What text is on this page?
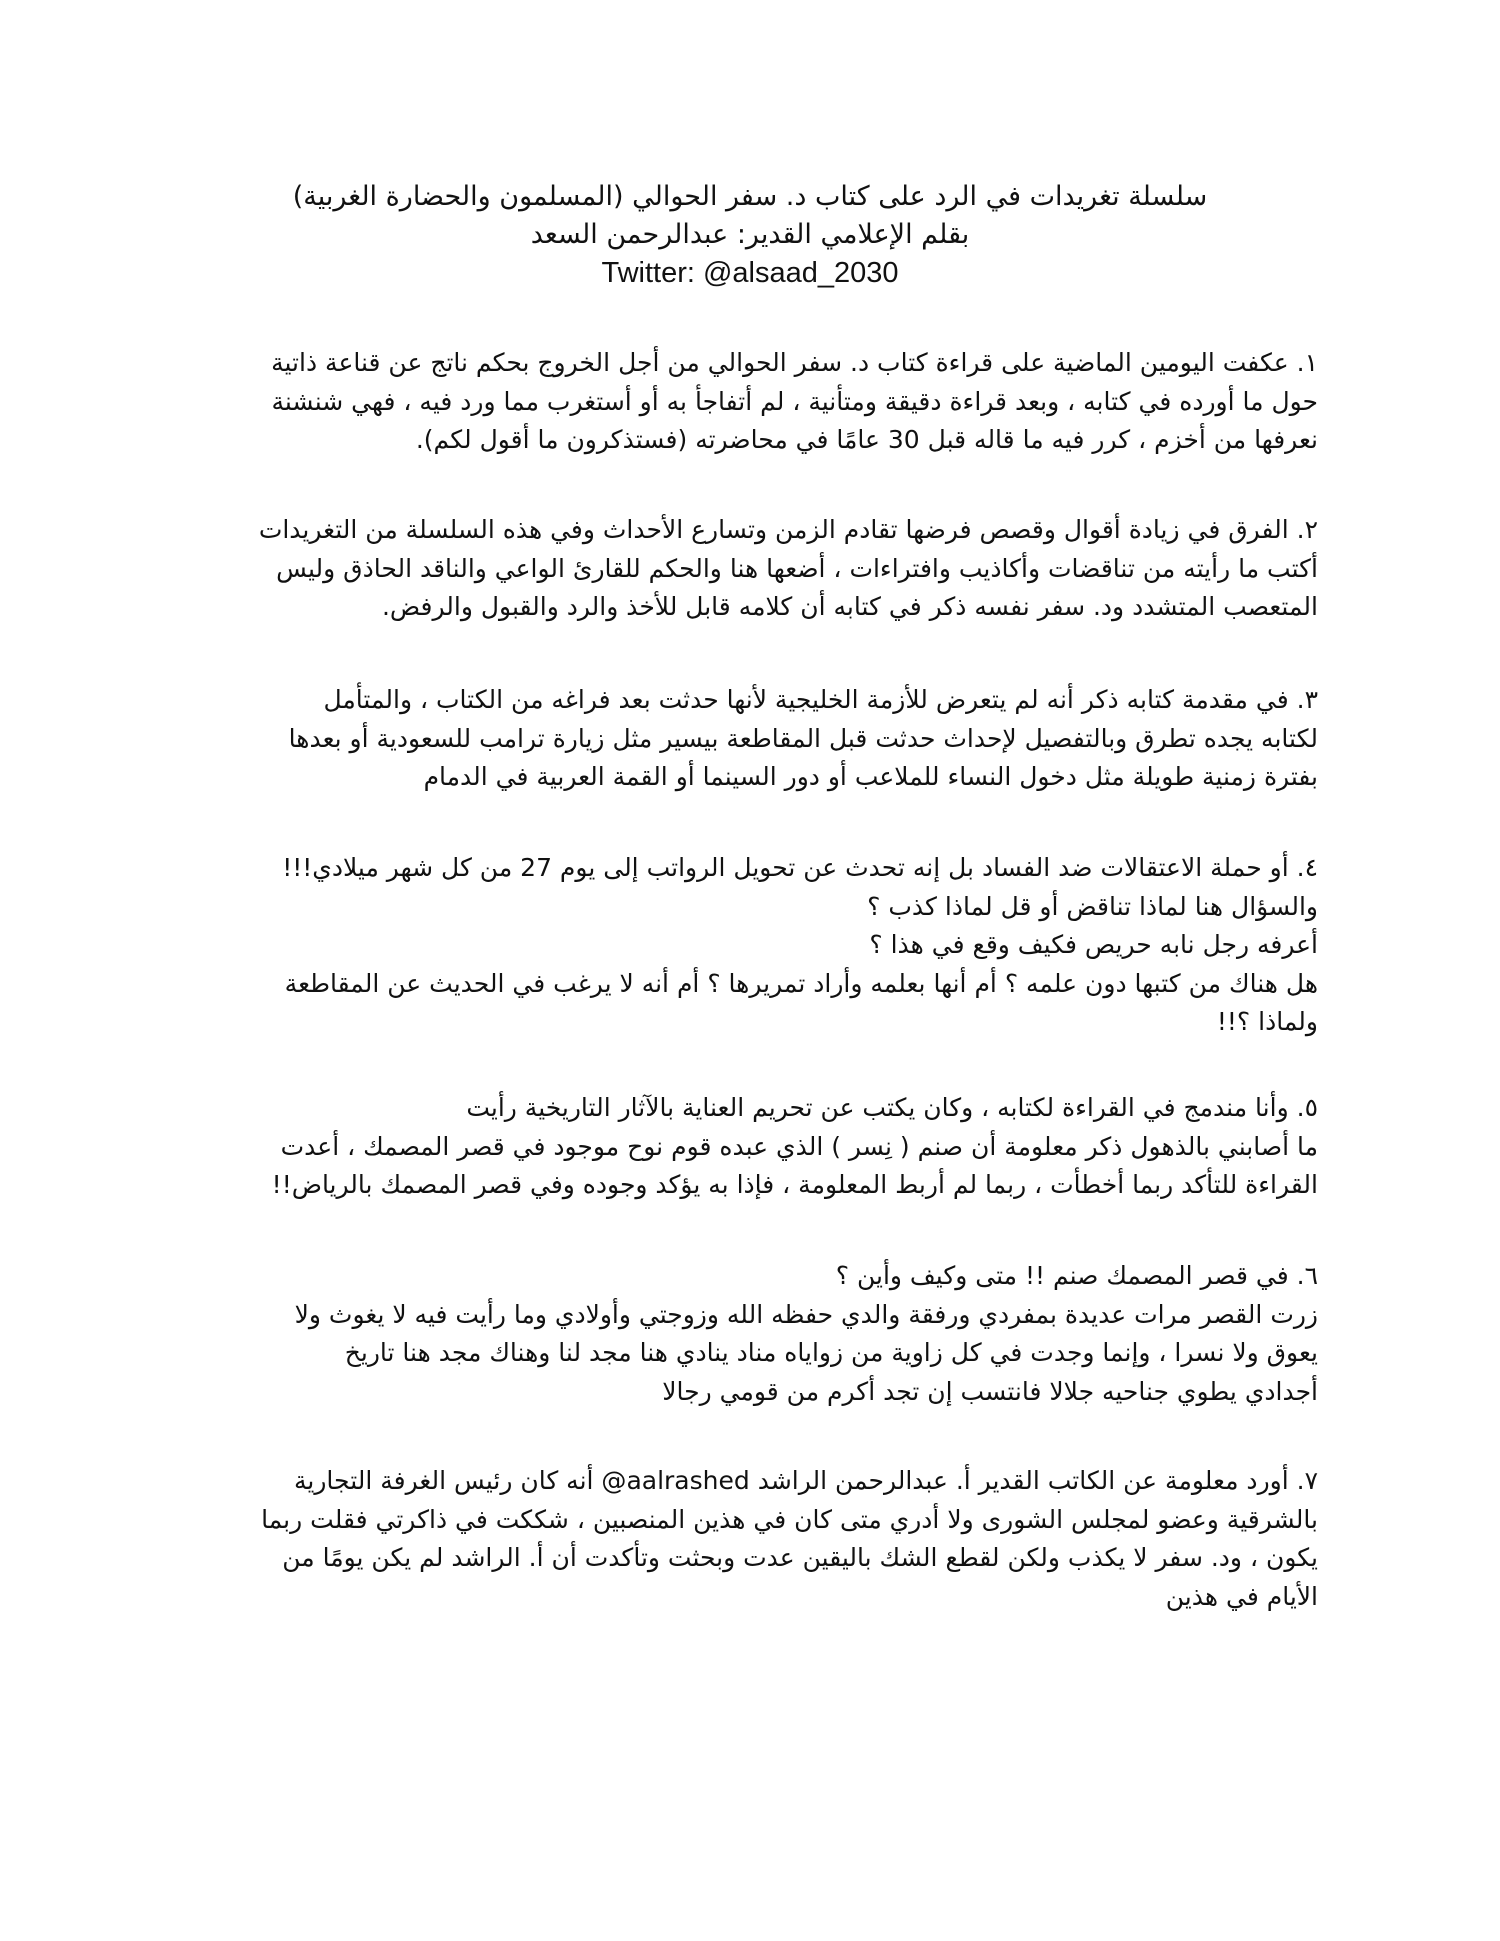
سلسلة تغريدات في الرد على كتاب د. سفر الحوالي (المسلمون والحضارة الغربية)

بقلم الإعلامي القدير: عبدالرحمن السعد

Twitter: @alsaad_2030

١. عكفت اليومين الماضية على قراءة كتاب د. سفر الحوالي من أجل الخروج بحكم ناتج عن قناعة ذاتية
حول ما أورده في كتابه ، وبعد قراءة دقيقة ومتأنية ، لم أتفاجأ به أو أستغرب مما ورد فيه ، فهي شنشنة
نعرفها من أخزم ، كرر فيه ما قاله قبل 30 عامًا في محاضرته (فستذكرون ما أقول لكم).
٢. الفرق في زيادة أقوال وقصص فرضها تقادم الزمن وتسارع الأحداث وفي هذه السلسلة من التغريدات
أكتب ما رأيته من تناقضات وأكاذيب وافتراءات ، أضعها هنا والحكم للقارئ الواعي والناقد الحاذق وليس
المتعصب المتشدد ود. سفر نفسه ذكر في كتابه أن كلامه قابل للأخذ والرد والقبول والرفض.
٣. في مقدمة كتابه ذكر أنه لم يتعرض للأزمة الخليجية لأنها حدثت بعد فراغه من الكتاب ، والمتأمل
لكتابه يجده تطرق وبالتفصيل لإحداث حدثت قبل المقاطعة بيسير مثل زيارة ترامب للسعودية أو بعدها
بفترة زمنية طويلة مثل دخول النساء للملاعب أو دور السينما أو القمة العربية في الدمام
٤. أو حملة الاعتقالات ضد الفساد بل إنه تحدث عن تحويل الرواتب إلى يوم 27 من كل شهر ميلادي!!!
والسؤال هنا لماذا تناقض أو قل لماذا كذب ؟
أعرفه رجل نابه حريص فكيف وقع في هذا ؟
هل هناك من كتبها دون علمه ؟ أم أنها بعلمه وأراد تمريرها ؟ أم أنه لا يرغب في الحديث عن المقاطعة
ولماذا ؟!!
٥. وأنا مندمج في القراءة لكتابه ، وكان يكتب عن تحريم العناية بالآثار التاريخية رأيت
ما أصابني بالذهول ذكر معلومة أن صنم ( نِسر ) الذي عبده قوم نوح موجود في قصر المصمك ، أعدت
القراءة للتأكد ربما أخطأت ، ربما لم أربط المعلومة ، فإذا به يؤكد وجوده وفي قصر المصمك بالرياض!!
٦. في قصر المصمك صنم !! متى وكيف وأين ؟
زرت القصر مرات عديدة بمفردي ورفقة والدي حفظه الله وزوجتي وأولادي وما رأيت فيه لا يغوث ولا
يعوق ولا نسرا ، وإنما وجدت في كل زاوية من زواياه مناد ينادي هنا مجد لنا وهناك مجد هنا تاريخ
أجدادي يطوي جناحيه جلالا فانتسب إن تجد أكرم من قومي رجالا
٧. أورد معلومة عن الكاتب القدير أ. عبدالرحمن الراشد aalrashed@ أنه كان رئيس الغرفة التجارية
بالشرقية وعضو لمجلس الشورى ولا أدري متى كان في هذين المنصبين ، شككت في ذاكرتي فقلت ربما
يكون ، ود. سفر لا يكذب ولكن لقطع الشك باليقين عدت وبحثت وتأكدت أن أ. الراشد لم يكن يومًا من
الأيام في هذين
